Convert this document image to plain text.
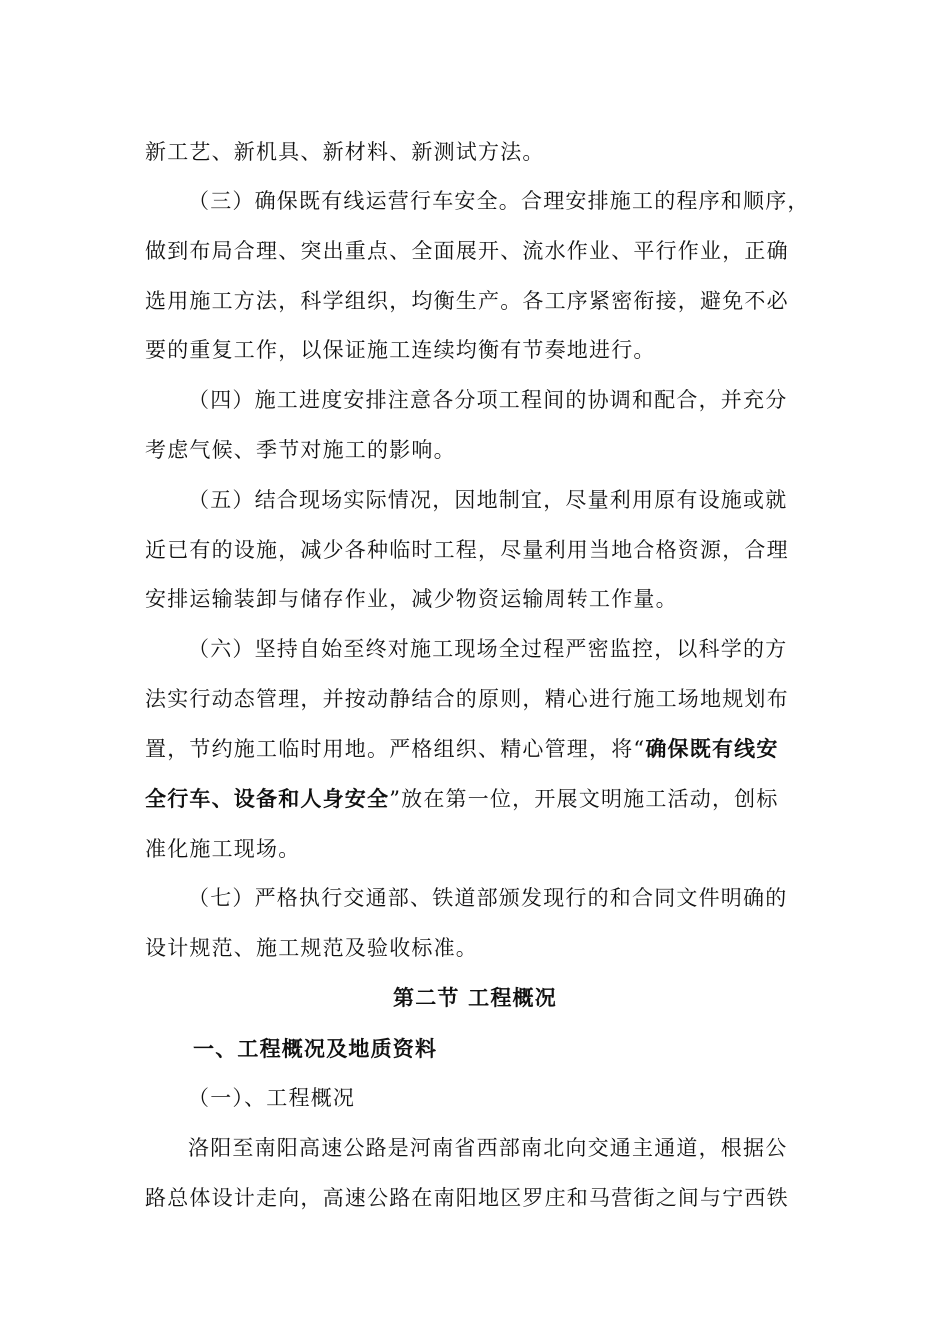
新工艺、新机具、新材料、新测试方法。
（三）确保既有线运营行车安全。合理安排施工的程序和顺序，
做到布局合理、突出重点、全面展开、流水作业、平行作业，正确
选用施工方法，科学组织，均衡生产。各工序紧密衔接，避免不必
要的重复工作，以保证施工连续均衡有节奏地进行。
（四）施工进度安排注意各分项工程间的协调和配合，并充分
考虑气候、季节对施工的影响。
（五）结合现场实际情况，因地制宜，尽量利用原有设施或就
近已有的设施，减少各种临时工程，尽量利用当地合格资源，合理
安排运输装卸与储存作业，减少物资运输周转工作量。
（六）坚持自始至终对施工现场全过程严密监控，以科学的方
法实行动态管理，并按动静结合的原则，精心进行施工场地规划布
置，节约施工临时用地。严格组织、精心管理，将“确保既有线安
全行车、设备和人身安全”放在第一位，开展文明施工活动，创标
准化施工现场。
（七）严格执行交通部、铁道部颁发现行的和合同文件明确的
设计规范、施工规范及验收标准。
第二节 工程概况
一、工程概况及地质资料
（一）、工程概况
洛阳至南阳高速公路是河南省西部南北向交通主通道，根据公
路总体设计走向，高速公路在南阳地区罗庄和马营街之间与宁西铁
